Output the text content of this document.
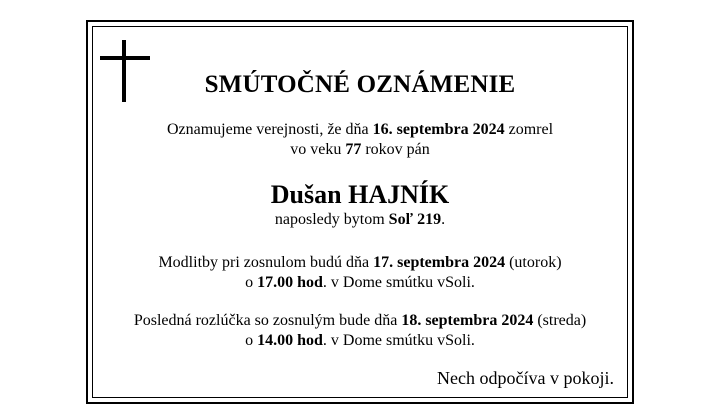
SMÚTOČNÉ OZNÁMENIE
Oznamujeme verejnosti, že dňa 16. septembra 2024 zomrel
vo veku 77 rokov pán
Dušan HAJNÍK
naposledy bytom Soľ 219.
Modlitby pri zosnulom budú dňa 17. septembra 2024 (utorok)
o 17.00 hod. v Dome smútku vSoli.
Posledná rozlúčka so zosnulým bude dňa 18. septembra 2024 (streda)
o 14.00 hod. v Dome smútku vSoli.
Nech odpočíva v pokoji.
